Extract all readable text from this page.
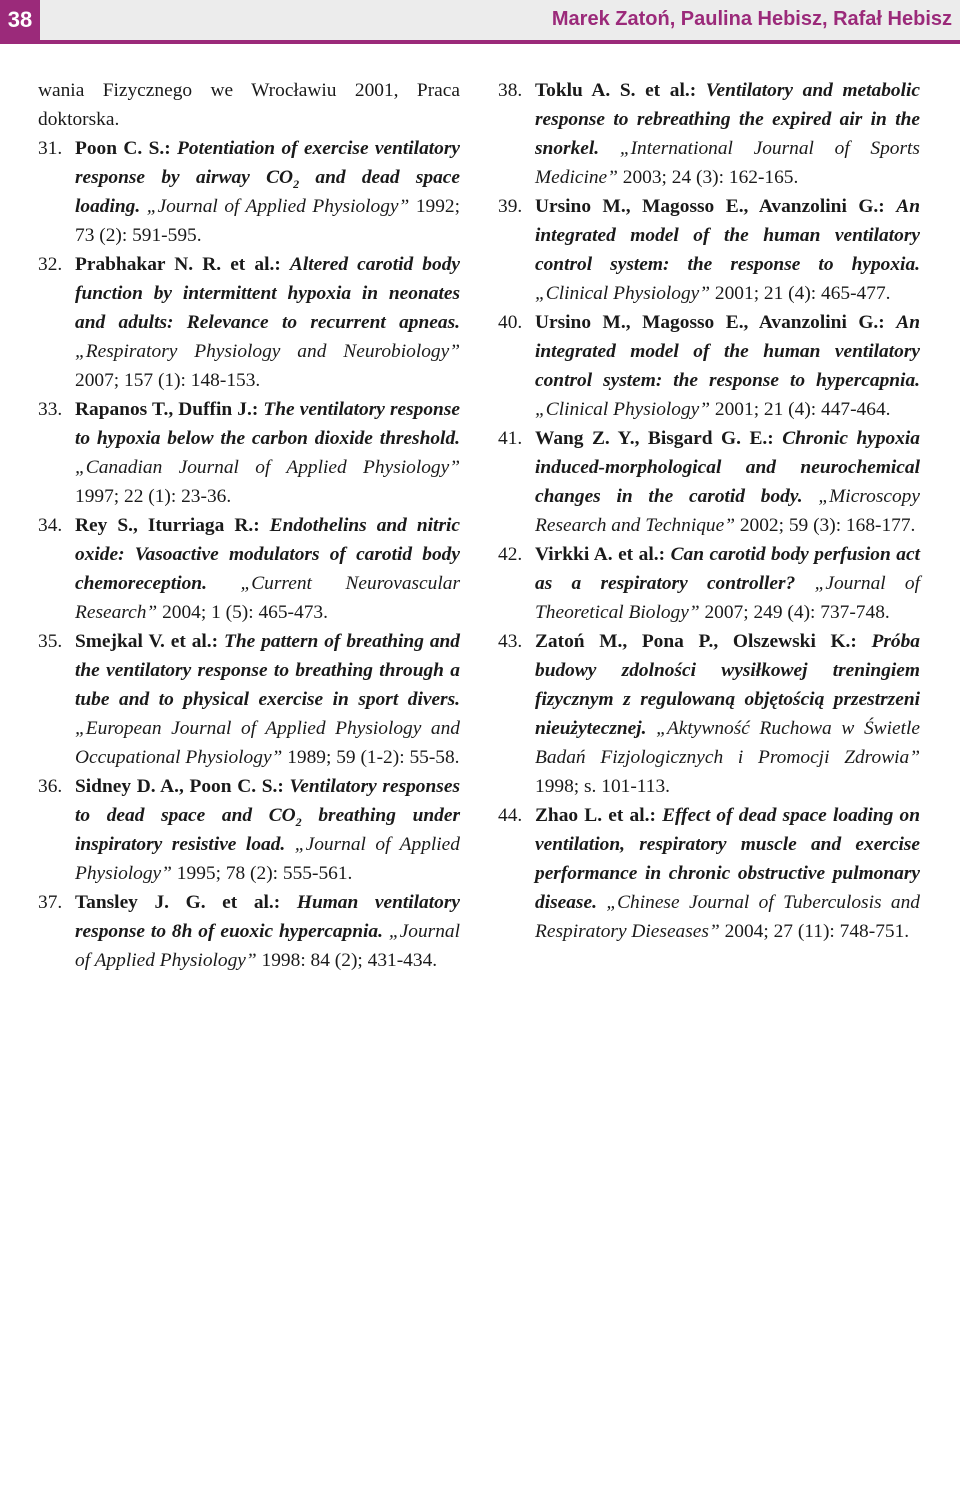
38	Marek Zatoń, Paulina Hebisz, Rafał Hebisz

wania Fizycznego we Wrocławiu 2001, Praca doktorska.

31. Poon C. S.: Potentiation of exercise ventilatory response by airway $CO_2$ and dead space loading. „Journal of Applied Physiology” 1992; 73 (2): 591-595.

32. Prabhakar N. R. et al.: Altered carotid body function by intermittent hypoxia in neonates and adults: Relevance to recurrent apneas. „Respiratory Physiology and Neurobiology” 2007; 157 (1): 148-153.

33. Rapanos T., Duffin J.: The ventilatory response to hypoxia below the carbon dioxide threshold. „Canadian Journal of Applied Physiology” 1997; 22 (1): 23-36.

34. Rey S., Iturriaga R.: Endothelins and nitric oxide: Vasoactive modulators of carotid body chemoreception. „Current Neurovascular Research” 2004; 1 (5): 465-473.

35. Smejkal V. et al.: The pattern of breathing and the ventilatory response to breathing through a tube and to physical exercise in sport divers. „European Journal of Applied Physiology and Occupational Physiology” 1989; 59 (1-2): 55-58.

36. Sidney D. A., Poon C. S.: Ventilatory responses to dead space and $CO_2$ breathing under inspiratory resistive load. „Journal of Applied Physiology” 1995; 78 (2): 555-561.

37. Tansley J. G. et al.: Human ventilatory response to 8h of euoxic hypercapnia. „Journal of Applied Physiology” 1998: 84 (2); 431-434.

38. Toklu A. S. et al.: Ventilatory and metabolic response to rebreathing the expired air in the snorkel. „International Journal of Sports Medicine” 2003; 24 (3): 162-165.

39. Ursino M., Magosso E., Avanzolini G.: An integrated model of the human ventilatory control system: the response to hypoxia. „Clinical Physiology” 2001; 21 (4): 465-477.

40. Ursino M., Magosso E., Avanzolini G.: An integrated model of the human ventilatory control system: the response to hypercapnia. „Clinical Physiology” 2001; 21 (4): 447-464.

41. Wang Z. Y., Bisgard G. E.: Chronic hypoxia induced-morphological and neurochemical changes in the carotid body. „Microscopy Research and Technique” 2002; 59 (3): 168-177.

42. Virkki A. et al.: Can carotid body perfusion act as a respiratory controller? „Journal of Theoretical Biology” 2007; 249 (4): 737-748.

43. Zatoń M., Pona P., Olszewski K.: Próba budowy zdolności wysiłkowej treningiem fizycznym z regulowaną objętością przestrzeni nieużytecznej. „Aktywność Ruchowa w Świetle Badań Fizjologicznych i Promocji Zdrowia” 1998; s. 101-113.

44. Zhao L. et al.: Effect of dead space loading on ventilation, respiratory muscle and exercise performance in chronic obstructive pulmonary disease. „Chinese Journal of Tuberculosis and Respiratory Dieseases” 2004; 27 (11): 748-751.
